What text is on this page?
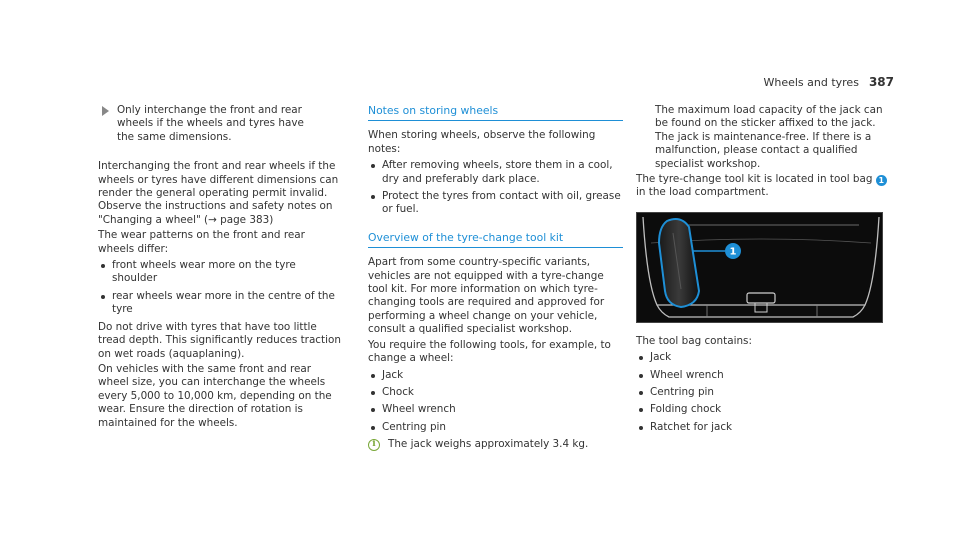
Wheels and tyres 387

Only interchange the front and rear wheels if the wheels and tyres have the same dimensions.

Interchanging the front and rear wheels if the wheels or tyres have different dimensions can render the general operating permit invalid. Observe the instructions and safety notes on "Changing a wheel" (→ page 383)

The wear patterns on the front and rear wheels differ:

front wheels wear more on the tyre shoulder
rear wheels wear more in the centre of the tyre

Do not drive with tyres that have too little tread depth. This significantly reduces traction on wet roads (aquaplaning).

On vehicles with the same front and rear wheel size, you can interchange the wheels every 5,000 to 10,000 km, depending on the wear. Ensure the direction of rotation is maintained for the wheels.

Notes on storing wheels

When storing wheels, observe the following notes:

After removing wheels, store them in a cool, dry and preferably dark place.
Protect the tyres from contact with oil, grease or fuel.
Overview of the tyre-change tool kit

Apart from some country-specific variants, vehicles are not equipped with a tyre-change tool kit. For more information on which tyre-changing tools are required and approved for performing a wheel change on your vehicle, consult a qualified specialist workshop.

You require the following tools, for example, to change a wheel:

Jack
Chock
Wheel wrench
Centring pin
i	The jack weighs approximately 3.4 kg.

The maximum load capacity of the jack can be found on the sticker affixed to the jack. The jack is maintenance-free. If there is a malfunction, please contact a qualified specialist workshop.

The tyre-change tool kit is located in tool bag 1 in the load compartment.

1

The tool bag contains:

Jack
Wheel wrench
Centring pin
Folding chock
Ratchet for jack
